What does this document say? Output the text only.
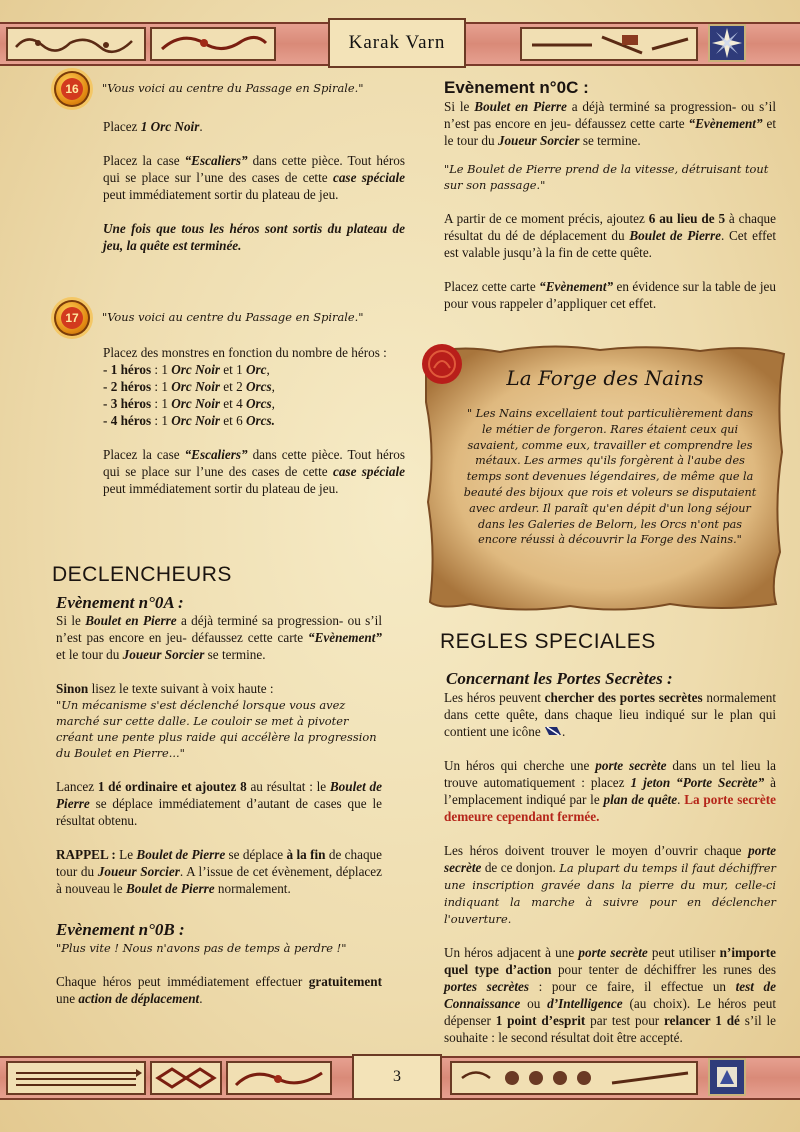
Karak Varn
16	"Vous voici au centre du Passage en Spirale."

Placez 1 Orc Noir.

Placez la case “Escaliers” dans cette pièce. Tout héros qui se place sur l’une des cases de cette case spéciale peut immédiatement sortir du plateau de jeu.

Une fois que tous les héros sont sortis du plateau de jeu, la quête est terminée.

17	"Vous voici au centre du Passage en Spirale."

Placez des monstres en fonction du nombre de héros :

- 1 héros : 1 Orc Noir et 1 Orc,

- 2 héros : 1 Orc Noir et 2 Orcs,

- 3 héros : 1 Orc Noir et 4 Orcs,

- 4 héros : 1 Orc Noir et 6 Orcs.

Placez la case “Escaliers” dans cette pièce. Tout héros qui se place sur l’une des cases de cette case spéciale peut immédiatement sortir du plateau de jeu.

DECLENCHEURS
Evènement n°0A :

Si le Boulet en Pierre a déjà terminé sa progression- ou s’il n’est pas encore en jeu- défaussez cette carte “Evènement” et le tour du Joueur Sorcier se termine.

Sinon lisez le texte suivant à voix haute :

"Un mécanisme s'est déclenché lorsque vous avez marché sur cette dalle. Le couloir se met à pivoter créant une pente plus raide qui accélère la progression du Boulet en Pierre..."

Lancez 1 dé ordinaire et ajoutez 8 au résultat : le Boulet de Pierre se déplace immédiatement d’autant de cases que le résultat obtenu.

RAPPEL : Le Boulet de Pierre se déplace à la fin de chaque tour du Joueur Sorcier. A l’issue de cet évènement, déplacez à nouveau le Boulet de Pierre normalement.

Evènement n°0B :

"Plus vite ! Nous n'avons pas de temps à perdre !"

Chaque héros peut immédiatement effectuer gratuitement une action de déplacement.

Evènement n°0C :

Si le Boulet en Pierre a déjà terminé sa progression- ou s’il n’est pas encore en jeu- défaussez cette carte “Evènement” et le tour du Joueur Sorcier se termine.

"Le Boulet de Pierre prend de la vitesse, détruisant tout sur son passage."

A partir de ce moment précis, ajoutez 6 au lieu de 5 à chaque résultat du dé de déplacement du Boulet de Pierre. Cet effet est valable jusqu’à la fin de cette quête.

Placez cette carte “Evènement” en évidence sur la table de jeu pour vous rappeler d’appliquer cet effet.

La Forge des Nains
" Les Nains excellaient tout particulièrement dans le métier de forgeron. Rares étaient ceux qui savaient, comme eux, travailler et comprendre les métaux. Les armes qu'ils forgèrent à l'aube des temps sont devenues légendaires, de même que la beauté des bijoux que rois et voleurs se disputaient avec ardeur. Il paraît qu'en dépit d'un long séjour dans les Galeries de Belorn, les Orcs n'ont pas encore réussi à découvrir la Forge des Nains."
REGLES SPECIALES
Concernant les Portes Secrètes :

Les héros peuvent chercher des portes secrètes normalement dans cette quête, dans chaque lieu indiqué sur le plan qui contient une icône .

Un héros qui cherche une porte secrète dans un tel lieu la trouve automatiquement : placez 1 jeton “Porte Secrète” à l’emplacement indiqué par le plan de quête. La porte secrète demeure cependant fermée.

Les héros doivent trouver le moyen d’ouvrir chaque porte secrète de ce donjon. La plupart du temps il faut déchiffrer une inscription gravée dans la pierre du mur, celle-ci indiquant la marche à suivre pour en déclencher l'ouverture.

Un héros adjacent à une porte secrète peut utiliser n’importe quel type d’action pour tenter de déchiffrer les runes des portes secrètes : pour ce faire, il effectue un test de Connaissance ou d’Intelligence (au choix). Le héros peut dépenser 1 point d’esprit par test pour relancer 1 dé s’il le souhaite : le second résultat doit être accepté.

3
